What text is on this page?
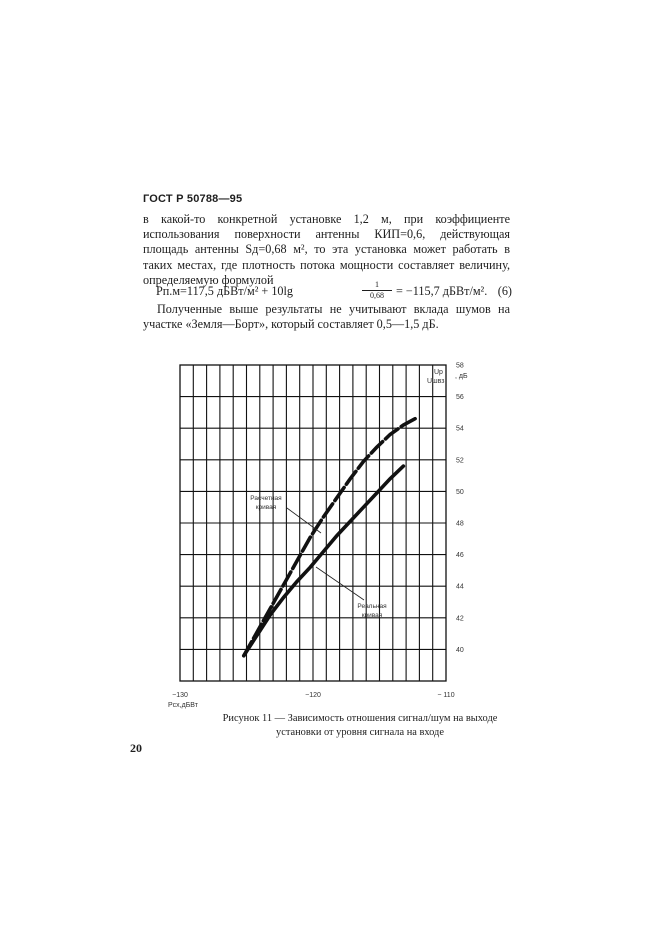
ГОСТ Р 50788—95
в какой-то конкретной установке 1,2 м, при коэффициенте использования поверхности антенны КИП=0,6, действующая площадь антенны Sд=0,68 м², то эта установка может работать в таких местах, где плотность потока мощности составляет величину, определяемую формулой
Pп.м=117,5 дБВт/м² + 10lg	$\frac{1}{0,68} = -115,7$ дБВт/м². (6)
Полученные выше результаты не учитывают вклада шумов на участке «Земля—Борт», который составляет 0,5—1,5 дБ.
40
42
44
46
48
50
52
54
56
58
−130	−120	− 110
Расчетная
кривая
Реальная
кривая
Uр
Uшвз
, дБ
Pсх,дБВт
Рисунок 11 — Зависимость отношения сигнал/шум на выходе
установки от уровня сигнала на входе
20
